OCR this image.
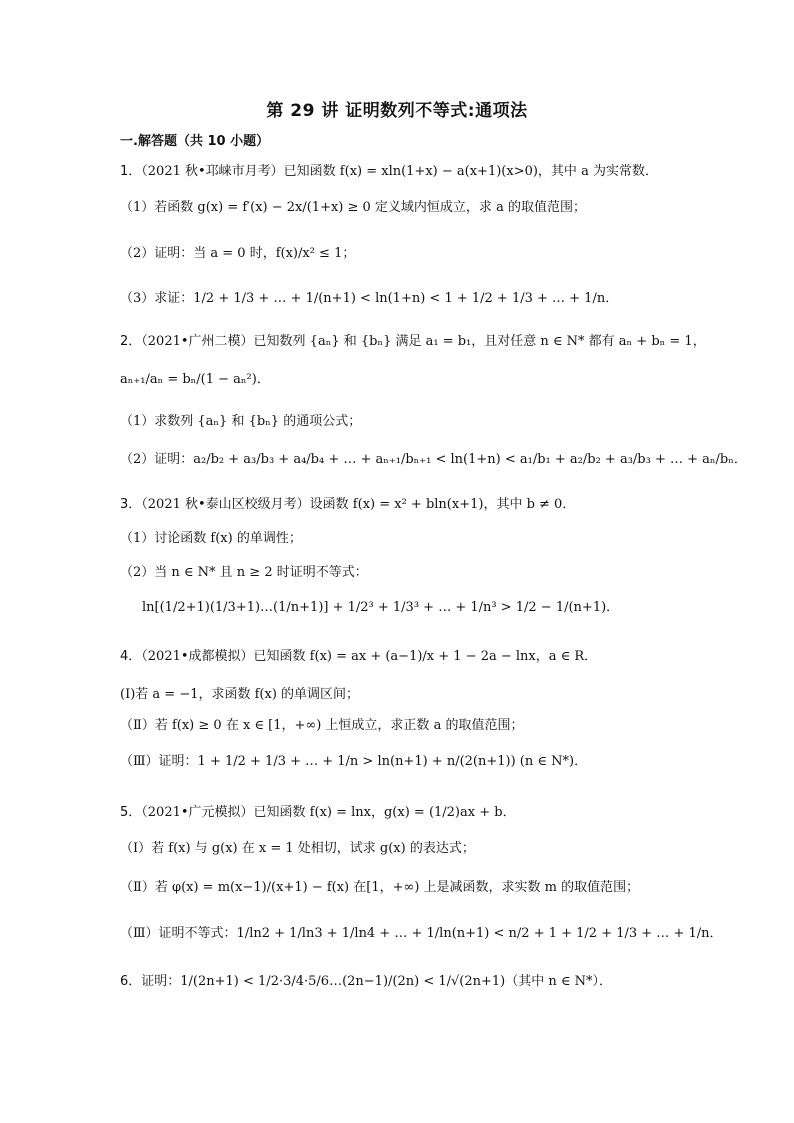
第 29 讲 证明数列不等式:通项法
一.解答题（共 10 小题）
1．（2021 秋•邛崃市月考）已知函数 f(x) = xln(1+x) − a(x+1)(x>0)，其中 a 为实常数．
（1）若函数 g(x) = f′(x) − 2x/(1+x) ≥ 0 定义域内恒成立，求 a 的取值范围；
（2）证明：当 a = 0 时，f(x)/x² ≤ 1；
（3）求证：1/2 + 1/3 + … + 1/(n+1) < ln(1+n) < 1 + 1/2 + 1/3 + … + 1/n．
2．（2021•广州二模）已知数列 {aₙ} 和 {bₙ} 满足 a₁ = b₁，且对任意 n ∈ N* 都有 aₙ + bₙ = 1，
aₙ₊₁/aₙ = bₙ/(1 − aₙ²)．
（1）求数列 {aₙ} 和 {bₙ} 的通项公式；
（2）证明：a₂/b₂ + a₃/b₃ + a₄/b₄ + … + aₙ₊₁/bₙ₊₁ < ln(1+n) < a₁/b₁ + a₂/b₂ + a₃/b₃ + … + aₙ/bₙ．
3．（2021 秋•泰山区校级月考）设函数 f(x) = x² + bln(x+1)，其中 b ≠ 0．
（1）讨论函数 f(x) 的单调性；
（2）当 n ∈ N* 且 n ≥ 2 时证明不等式：
ln[(1/2+1)(1/3+1)…(1/n+1)] + 1/2³ + 1/3³ + … + 1/n³ > 1/2 − 1/(n+1)．
4．（2021•成都模拟）已知函数 f(x) = ax + (a−1)/x + 1 − 2a − lnx，a ∈ R．
(I)若 a = −1，求函数 f(x) 的单调区间；
（Ⅱ）若 f(x) ≥ 0 在 x ∈ [1，+∞) 上恒成立，求正数 a 的取值范围；
（Ⅲ）证明：1 + 1/2 + 1/3 + … + 1/n > ln(n+1) + n/(2(n+1)) (n ∈ N*)．
5．（2021•广元模拟）已知函数 f(x) = lnx，g(x) = (1/2)ax + b．
（Ⅰ）若 f(x) 与 g(x) 在 x = 1 处相切，试求 g(x) 的表达式；
（Ⅱ）若 φ(x) = m(x−1)/(x+1) − f(x) 在[1，+∞) 上是减函数，求实数 m 的取值范围；
（Ⅲ）证明不等式：1/ln2 + 1/ln3 + 1/ln4 + … + 1/ln(n+1) < n/2 + 1 + 1/2 + 1/3 + … + 1/n．
6．证明：1/(2n+1) < 1/2·3/4·5/6…(2n−1)/(2n) < 1/√(2n+1)（其中 n ∈ N*）．
